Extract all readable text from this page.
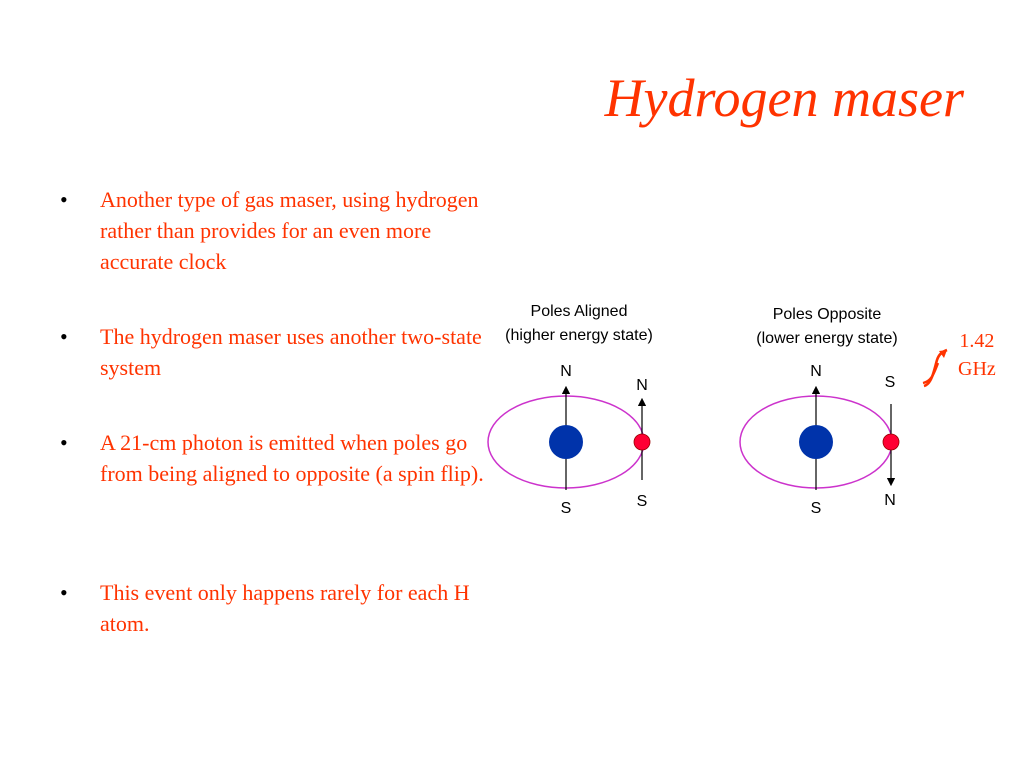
Hydrogen maser
• Another type of gas maser, using hydrogen rather than provides for an even more accurate clock
• The hydrogen maser uses another two-state system
• A 21-cm photon is emitted when poles go from being aligned to opposite (a spin flip).
• This event only happens rarely for each H atom.
Poles Aligned
(higher energy state)
N
S
N
S
Poles Opposite
(lower energy state)
N
S
S
N
1.42
GHz
